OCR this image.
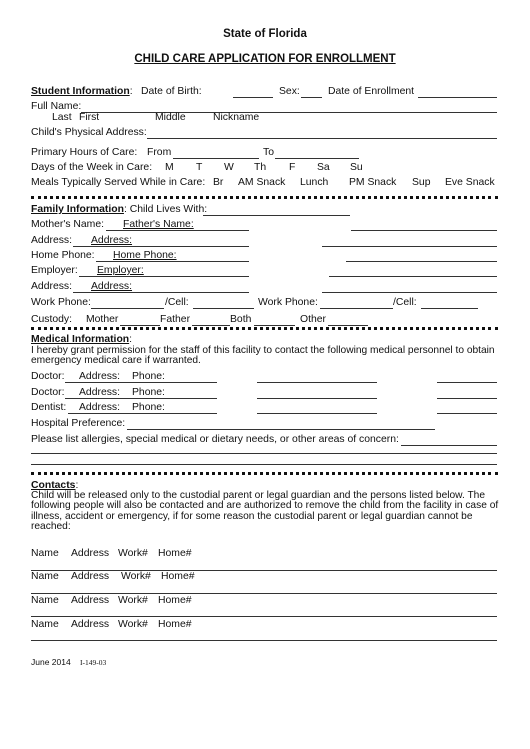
State of Florida
CHILD CARE APPLICATION FOR ENROLLMENT
Student Information: Date of Birth:	Sex:	Date of Enrollment
Full Name:
Last First	Middle	Nickname
Child's Physical Address:
Primary Hours of Care: From	To
Days of the Week in Care: M T W Th F Sa Su
Meals Typically Served While in Care: Br AM Snack Lunch PM Snack Sup Eve Snack
Family Information: Child Lives With:
Mother's Name: Father's Name:
Address: Address:
Home Phone: Home Phone:
Employer: Employer:
Address: Address:
Work Phone:	/Cell:	Work Phone:	/Cell:
Custody: Mother	Father	Both	Other
Medical Information:
I hereby grant permission for the staff of this facility to contact the following medical personnel to obtain emergency medical care if warranted.
Doctor: Address: Phone:
Doctor: Address: Phone:
Dentist: Address: Phone:
Hospital Preference:
Please list allergies, special medical or dietary needs, or other areas of concern:
Contacts:
Child will be released only to the custodial parent or legal guardian and the persons listed below. The following people will also be contacted and are authorized to remove the child from the facility in case of illness, accident or emergency, if for some reason the custodial parent or legal guardian cannot be reached:
Name Address Work# Home#
Name Address Work# Home#
Name Address Work# Home#
Name Address Work# Home#
June 2014 I-149-03
